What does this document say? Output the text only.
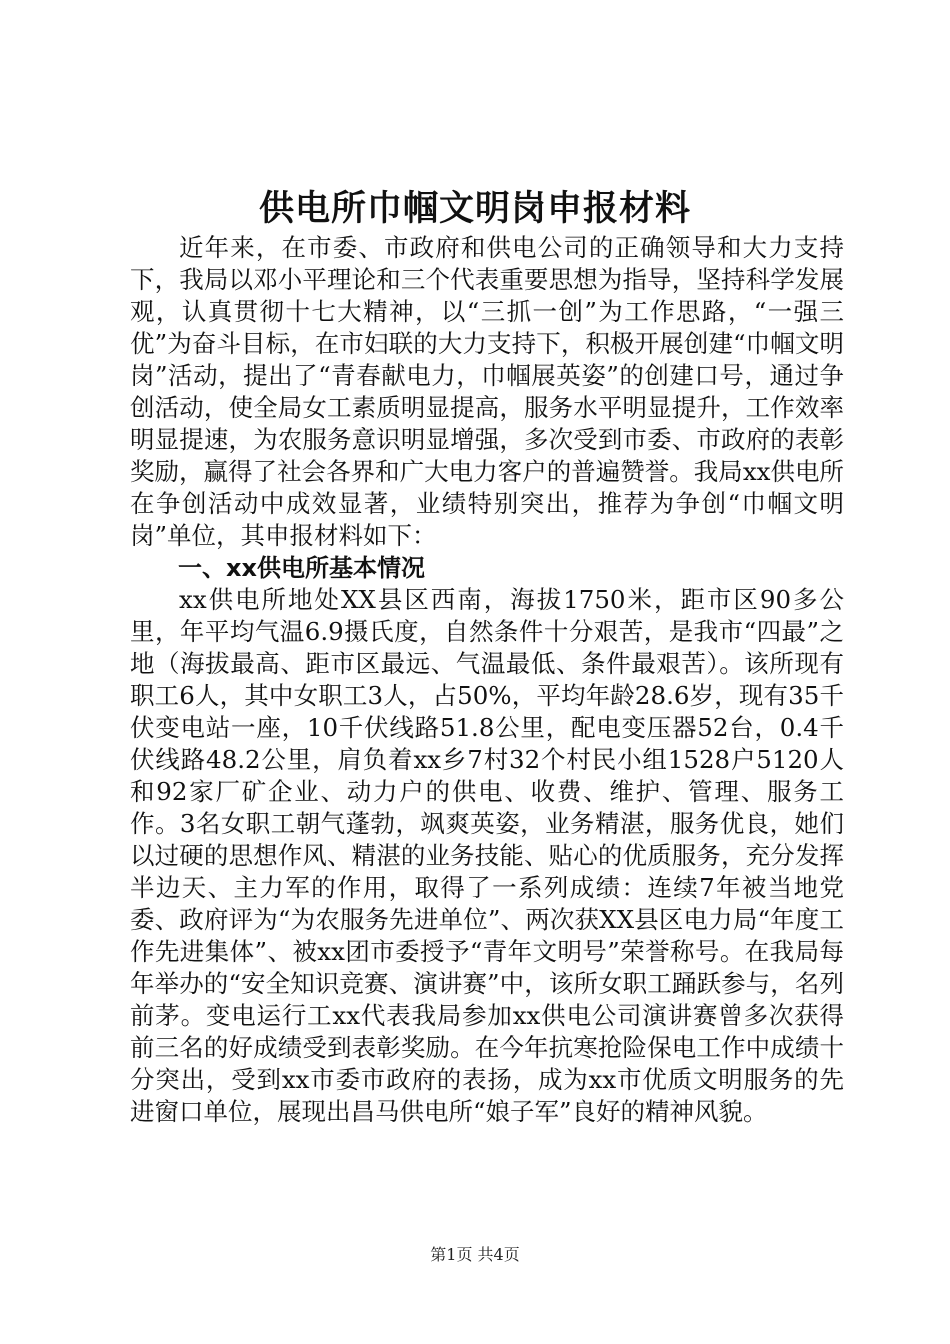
供电所巾帼文明岗申报材料

近年来，在市委、市政府和供电公司的正确领导和大力支持下，我局以邓小平理论和三个代表重要思想为指导，坚持科学发展观，认真贯彻十七大精神，以“三抓一创”为工作思路，“一强三优”为奋斗目标，在市妇联的大力支持下，积极开展创建“巾帼文明岗”活动，提出了“青春献电力，巾帼展英姿”的创建口号，通过争创活动，使全局女工素质明显提高，服务水平明显提升，工作效率明显提速，为农服务意识明显增强，多次受到市委、市政府的表彰奖励，赢得了社会各界和广大电力客户的普遍赞誉。我局xx供电所在争创活动中成效显著，业绩特别突出，推荐为争创“巾帼文明岗”单位，其申报材料如下：

一、xx供电所基本情况

xx供电所地处XX县区西南，海拔1750米，距市区90多公里，年平均气温6.9摄氏度，自然条件十分艰苦，是我市“四最”之地（海拔最高、距市区最远、气温最低、条件最艰苦）。该所现有职工6人，其中女职工3人，占50%，平均年龄28.6岁，现有35千伏变电站一座，10千伏线路51.8公里，配电变压器52台，0.4千伏线路48.2公里，肩负着xx乡7村32个村民小组1528户5120人和92家厂矿企业、动力户的供电、收费、维护、管理、服务工作。3名女职工朝气蓬勃，飒爽英姿，业务精湛，服务优良，她们以过硬的思想作风、精湛的业务技能、贴心的优质服务，充分发挥半边天、主力军的作用，取得了一系列成绩：连续7年被当地党委、政府评为“为农服务先进单位”、两次获XX县区电力局“年度工作先进集体”、被xx团市委授予“青年文明号”荣誉称号。在我局每年举办的“安全知识竞赛、演讲赛”中，该所女职工踊跃参与，名列前茅。变电运行工xx代表我局参加xx供电公司演讲赛曾多次获得前三名的好成绩受到表彰奖励。在今年抗寒抢险保电工作中成绩十分突出，受到xx市委市政府的表扬，成为xx市优质文明服务的先进窗口单位，展现出昌马供电所“娘子军”良好的精神风貌。

第1页 共4页
